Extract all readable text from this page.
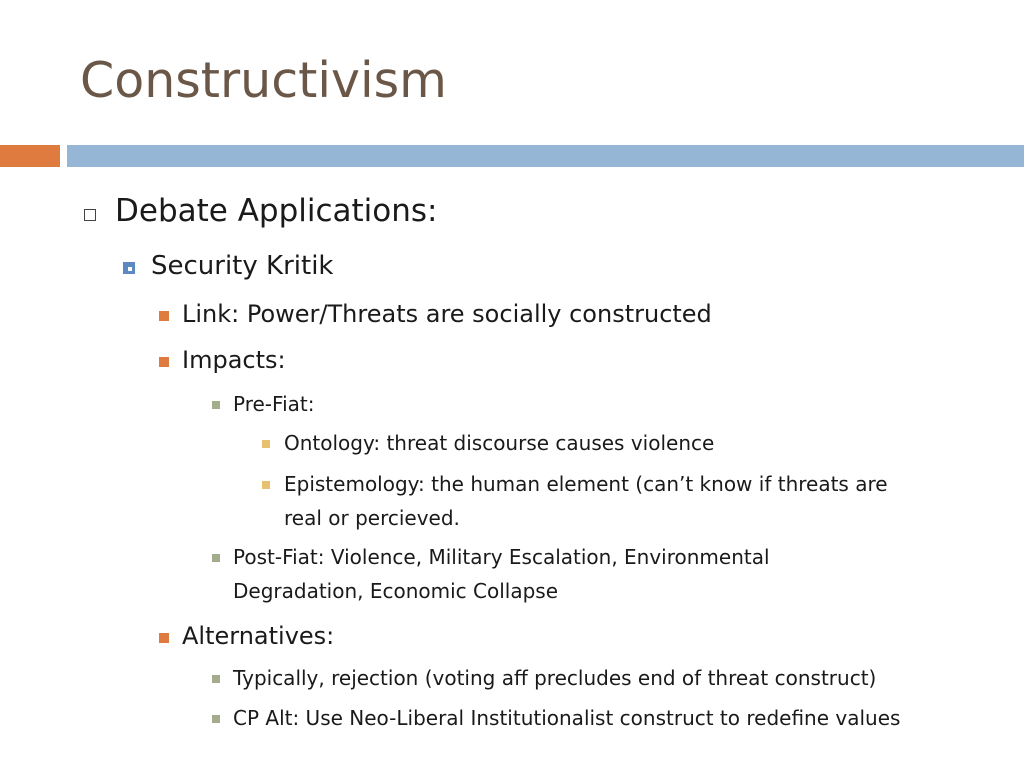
Constructivism
Debate Applications:
Security Kritik
Link: Power/Threats are socially constructed
Impacts:
Pre-Fiat:
Ontology: threat discourse causes violence
Epistemology: the human element (can’t know if threats are
real or percieved.
Post-Fiat: Violence, Military Escalation, Environmental
Degradation, Economic Collapse
Alternatives:
Typically, rejection (voting aff precludes end of threat construct)
CP Alt: Use Neo-Liberal Institutionalist construct to redefine values
